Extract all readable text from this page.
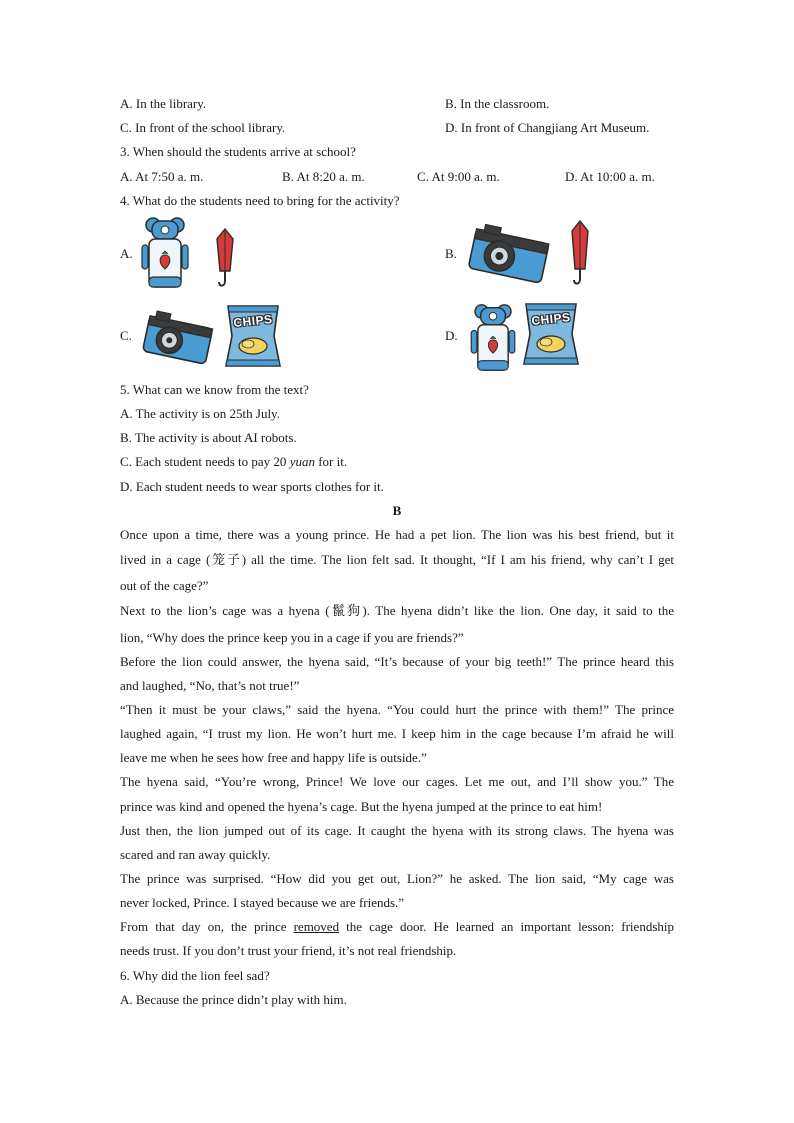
A. In the library.	B. In the classroom.
C. In front of the school library.	D. In front of Changjiang Art Museum.
3. When should the students arrive at school?
A. At 7:50 a. m.	B. At 8:20 a. m.	C. At 9:00 a. m.	D. At 10:00 a. m.
4. What do the students need to bring for the activity?
A.	B.
C.	D.
CHIPS	CHIPS
5. What can we know from the text?
A. The activity is on 25th July.
B. The activity is about AI robots.
C. Each student needs to pay 20 yuan for it.
D. Each student needs to wear sports clothes for it.
B
Once upon a time, there was a young prince. He had a pet lion. The lion was his best friend, but it
lived in a cage (笼子) all the time. The lion felt sad. It thought, “If I am his friend, why can’t I get
out of the cage?”
Next to the lion’s cage was a hyena (鬣狗). The hyena didn’t like the lion. One day, it said to the
lion, “Why does the prince keep you in a cage if you are friends?”
Before the lion could answer, the hyena said, “It’s because of your big teeth!” The prince heard this
and laughed, “No, that’s not true!”
“Then it must be your claws,” said the hyena. “You could hurt the prince with them!” The prince
laughed again, “I trust my lion. He won’t hurt me. I keep him in the cage because I’m afraid he will
leave me when he sees how free and happy life is outside.”
The hyena said, “You’re wrong, Prince! We love our cages. Let me out, and I’ll show you.” The
prince was kind and opened the hyena’s cage. But the hyena jumped at the prince to eat him!
Just then, the lion jumped out of its cage. It caught the hyena with its strong claws. The hyena was
scared and ran away quickly.
The prince was surprised. “How did you get out, Lion?” he asked. The lion said, “My cage was
never locked, Prince. I stayed because we are friends.”
From that day on, the prince removed the cage door. He learned an important lesson: friendship
needs trust. If you don’t trust your friend, it’s not real friendship.
6. Why did the lion feel sad?
A. Because the prince didn’t play with him.
